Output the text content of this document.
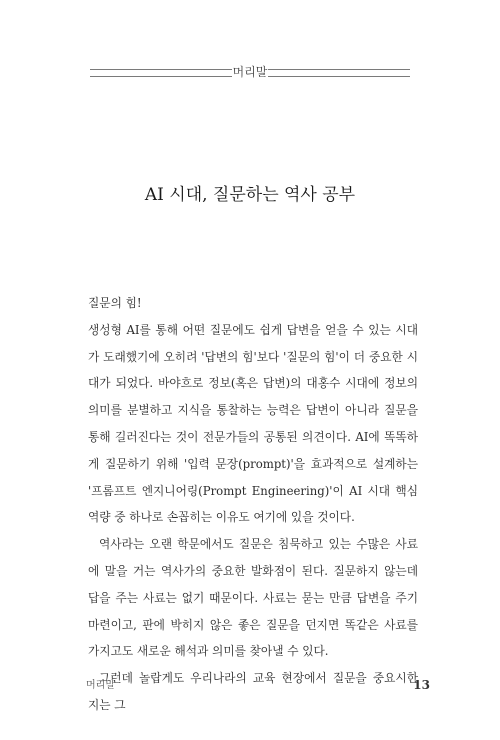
머리말
AI 시대, 질문하는 역사 공부

질문의 힘!

생성형 AI를 통해 어떤 질문에도 쉽게 답변을 얻을 수 있는 시대가 도래했기에 오히려 '답변의 힘'보다 '질문의 힘'이 더 중요한 시대가 되었다. 바야흐로 정보(혹은 답변)의 대홍수 시대에 정보의 의미를 분별하고 지식을 통찰하는 능력은 답변이 아니라 질문을 통해 길러진다는 것이 전문가들의 공통된 의견이다. AI에 똑똑하게 질문하기 위해 '입력 문장(prompt)'을 효과적으로 설계하는 '프롬프트 엔지니어링(Prompt Engineering)'이 AI 시대 핵심 역량 중 하나로 손꼽히는 이유도 여기에 있을 것이다.

역사라는 오랜 학문에서도 질문은 침묵하고 있는 수많은 사료에 말을 거는 역사가의 중요한 발화점이 된다. 질문하지 않는데 답을 주는 사료는 없기 때문이다. 사료는 묻는 만큼 답변을 주기 마련이고, 판에 박히지 않은 좋은 질문을 던지면 똑같은 사료를 가지고도 새로운 해석과 의미를 찾아낼 수 있다.

그런데 놀랍게도 우리나라의 교육 현장에서 질문을 중요시한 지는 그

머리말	13
